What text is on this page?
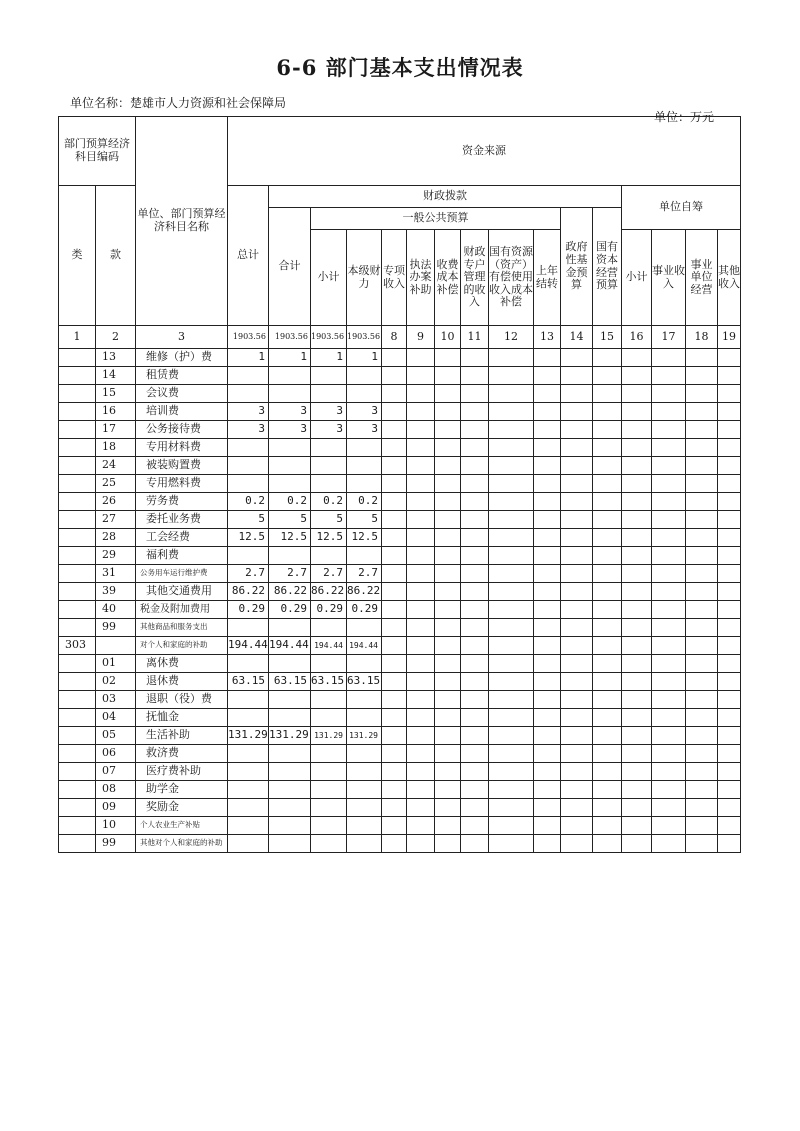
6-6 部门基本支出情况表
单位名称：楚雄市人力资源和社会保障局
单位：万元
部门预算经济科目编码		单位、部门预算经济科目名称	资金来源															
类	款		总计	财政拨款											单位自筹			
				合计	一般公共预算								政府性基金预算	国有资本经营预算				
					小计	本级财力	专项收入	执法办案补助	收费成本补偿	财政专户管理的收入	国有资源（资产）有偿使用收入成本补偿	上年结转			小计	事业收入	事业单位经营	其他收入
1	2	3	1903.56	1903.56	1903.56	1903.56	8	9	10	11	12	13	14	15	16	17	18	19
	13	维修（护）费	1	1	1	1												
	14	租赁费																
	15	会议费																
	16	培训费	3	3	3	3												
	17	公务接待费	3	3	3	3												
	18	专用材料费																
	24	被装购置费																
	25	专用燃料费																
	26	劳务费	0.2	0.2	0.2	0.2												
	27	委托业务费	5	5	5	5												
	28	工会经费	12.5	12.5	12.5	12.5												
	29	福利费																
	31	公务用车运行维护费	2.7	2.7	2.7	2.7												
	39	其他交通费用	86.22	86.22	86.22	86.22												
	40	税金及附加费用	0.29	0.29	0.29	0.29												
	99	其他商品和服务支出																
303		对个人和家庭的补助	194.44	194.44	194.44	194.44												
	01	离休费																
	02	退休费	63.15	63.15	63.15	63.15												
	03	退职（役）费																
	04	抚恤金																
	05	生活补助	131.29	131.29	131.29	131.29												
	06	救济费																
	07	医疗费补助																
	08	助学金																
	09	奖励金																
	10	个人农业生产补贴																
	99	其他对个人和家庭的补助																
